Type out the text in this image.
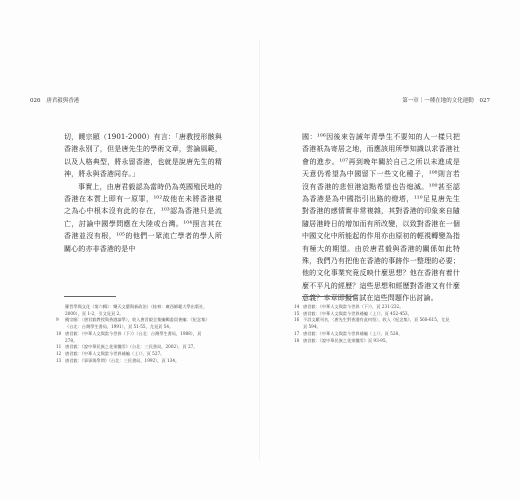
026 唐君毅與香港

切，饒宗頤（1901-2000）有言：「唐教授形骸與香港永別了，但是唐先生的學術文章，雲論風範，以及人格典型，將永留香港，也就是說唐先生的精神，將永與香港同存。」

事實上，由唐君毅認為當時仍為英國殖民地的香港在本質上即有一原罪，¹⁰²故他在未將香港視之為心中根本沒有此的存在，¹⁰³認為香港只是流亡，討論中國學問應在大陸或台灣。¹⁰⁴照言其在香港並沒有根，¹⁰⁵的他們一眾流亡學者的學人所關心的亦非香港的是中

羅哲學與文化（第六輯）：樂天文藝與新政治）（桂林：廣西師範大學出版社，2000），頁 1-2，引文見頁 2。
9	饒宗頤：〈唐君毅教授與香港論學〉，收入唐君毅全集編輯委員會編：《紀念集》（台北：台灣學生書局，1991），頁 51-55，尤見頁 54。
10 唐君毅：《中華人文與當今世界（下）》（台北：台灣學生書局，1988），頁 278。
11 唐君毅：《說中華民族之花果飄零》（台北：三民書局，2002），頁 27。
12 唐君毅：《中華人文與當今世界補編（上）》，頁 527。
13 唐君毅：《事事與學問》（台北：三民書局，1992），頁 134。
第一章｜一種在地的文化運動 027

國：¹⁰⁶因後來告誡年青學生不要知的人一樣只把香港祇為寄居之地，而應該用所學知識以求香港社會的進步。¹⁰⁷再到晚年關於自己之所以未進成是天意仍希望為中國留下一些文化種子，¹⁰⁸則言若沒有香港的悲怛港這點希望也告熄滅。¹⁰⁹甚至認為香港是為中國指引出路的燈塔，¹¹⁰足見唐先生對香港的感情實非常複雜，其對香港的印象來自隨隨居港時日的增加而有所改變，以致對香港在一個中國文化中所能起的作用亦由原初的輕視轉變為指有極大的期望。由於唐君毅與香港的關係如此特殊，我們乃有把他在香港的事跡作一整理的必要；他的文化事業究竟反映什麼思想？他在香港有着什麼不平凡的經歷？這些思想和經歷對香港又有什麼意義？本章即擬嘗試在這些問題作出討論。

14 唐君毅：《中華人文與當今世界（下）》，頁 231-232。
15 唐君毅：《中華人文與當今世界補編（上）》，頁 452-453。
16 不詳文獻刊名，〈唐先生對香港有此何怛〉，收入《紀念集》，頁 568-615，尤見頁 594。
17 唐君毅：《中華人文與當今世界補編（上）》，頁 528。
18 唐君毅：《說中華民族之花果飄零》頁 93-95。
